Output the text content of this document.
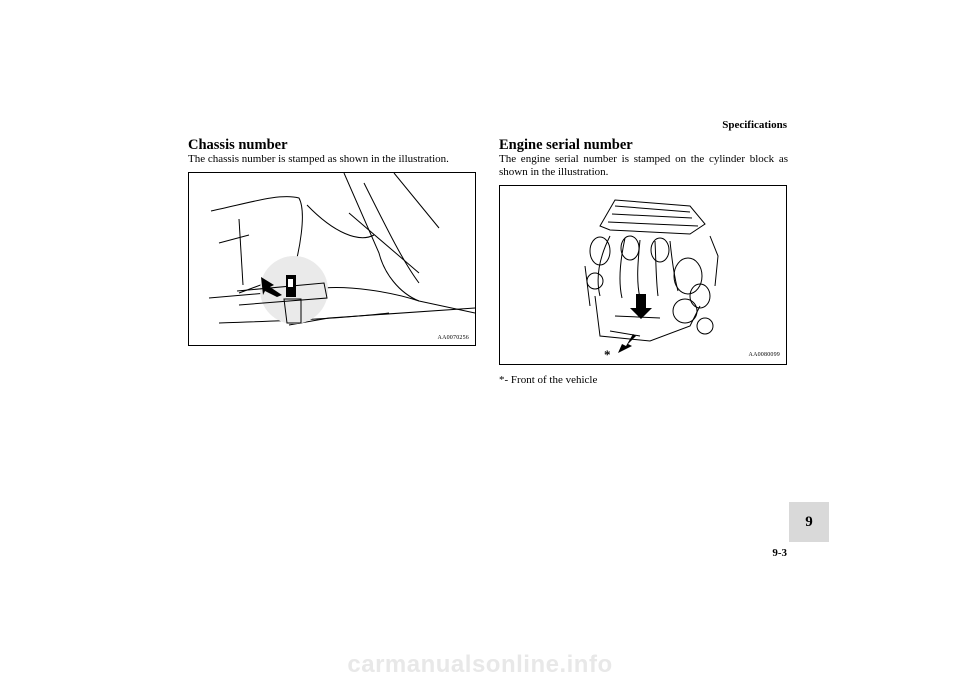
Specifications
Chassis number
The chassis number is stamped as shown in the illustration.
AA0070256
Engine serial number
The engine serial number is stamped on the cylinder block as shown in the illustration.
*	AA0080099
*- Front of the vehicle
9
9-3
carmanualsonline.info
